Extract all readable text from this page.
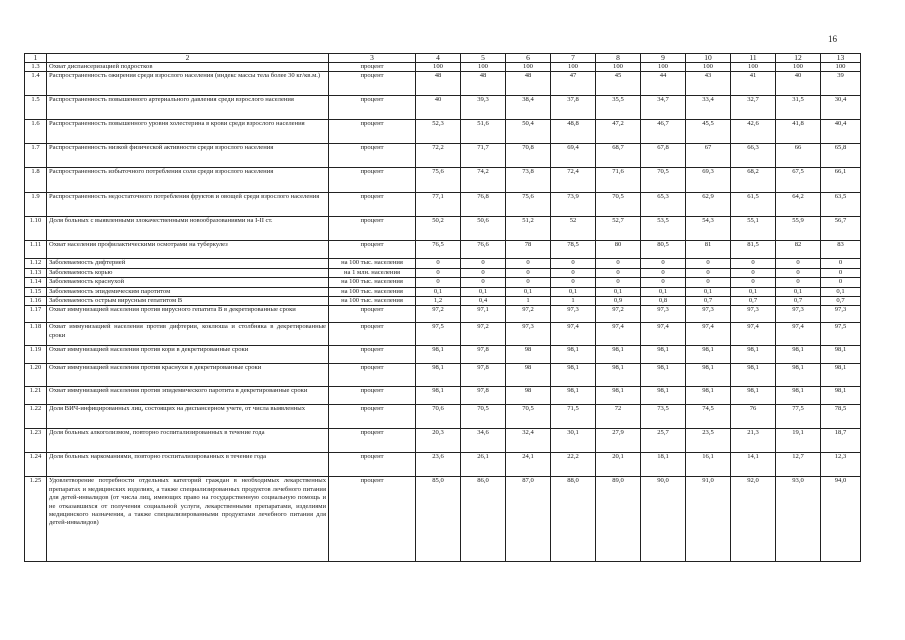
16
1	2	3	4	5	6	7	8	9	10	11	12	13
1.3	Охват диспансеризацией подростков	процент	100	100	100	100	100	100	100	100	100	100
1.4	Распространенность ожирения среди взрослого населения (индекс массы тела более 30 кг/кв.м.)	процент	48	48	48	47	45	44	43	41	40	39
1.5	Распространенность повышенного артериального давления среди взрослого населения	процент	40	39,3	38,4	37,8	35,5	34,7	33,4	32,7	31,5	30,4
1.6	Распространенность повышенного уровня холестерина в крови среди взрослого населения	процент	52,3	51,6	50,4	48,8	47,2	46,7	45,5	42,6	41,8	40,4
1.7	Распространенность низкой физической активности среди взрослого населения	процент	72,2	71,7	70,8	69,4	68,7	67,8	67	66,3	66	65,8
1.8	Распространенность избыточного потребления соли среди взрослого населения	процент	75,6	74,2	73,8	72,4	71,6	70,5	69,3	68,2	67,5	66,1
1.9	Распространенность недостаточного потребления фруктов и овощей среди взрослого населения	процент	77,1	76,8	75,6	73,9	70,5	65,3	62,9	61,5	64,2	63,5
1.10	Доля больных с выявленными злокачественными новообразованиями на I-II ст.	процент	50,2	50,6	51,2	52	52,7	53,5	54,3	55,1	55,9	56,7
1.11	Охват населения профилактическими осмотрами на туберкулез	процент	76,5	76,6	78	78,5	80	80,5	81	81,5	82	83
1.12	Заболеваемость дифтерией	на 100 тыс. населения	0	0	0	0	0	0	0	0	0	0
1.13	Заболеваемость корью	на 1 млн. населения	0	0	0	0	0	0	0	0	0	0
1.14	Заболеваемость краснухой	на 100 тыс. населения	0	0	0	0	0	0	0	0	0	0
1.15	Заболеваемость эпидемическим паротитом	на 100 тыс. населения	0,1	0,1	0,1	0,1	0,1	0,1	0,1	0,1	0,1	0,1
1.16	Заболеваемость острым вирусным гепатитом В	на 100 тыс. населения	1,2	0,4	1	1	0,9	0,8	0,7	0,7	0,7	0,7
1.17	Охват иммунизацией населения против вирусного гепатита В в декретированные сроки	процент	97,2	97,1	97,2	97,3	97,2	97,3	97,3	97,3	97,3	97,3
1.18	Охват иммунизацией населения против дифтерии, коклюша и столбняка в декретированные сроки	процент	97,5	97,2	97,3	97,4	97,4	97,4	97,4	97,4	97,4	97,5
1.19	Охват иммунизацией населения против кори в декретированные сроки	процент	98,1	97,8	98	98,1	98,1	98,1	98,1	98,1	98,1	98,1
1.20	Охват иммунизацией населения против краснухи в декретированные сроки	процент	98,1	97,8	98	98,1	98,1	98,1	98,1	98,1	98,1	98,1
1.21	Охват иммунизацией населения против эпидемического паротита в декретированные сроки	процент	98,1	97,8	98	98,1	98,1	98,1	98,1	98,1	98,1	98,1
1.22	Доля ВИЧ-инфицированных лиц, состоящих на диспансерном учете, от числа выявленных	процент	70,6	70,5	70,5	71,5	72	73,5	74,5	76	77,5	78,5
1.23	Доля больных алкоголизмом, повторно госпитализированных в течение года	процент	20,3	34,6	32,4	30,1	27,9	25,7	23,5	21,3	19,1	18,7
1.24	Доля больных наркоманиями, повторно госпитализированных в течение года	процент	23,6	26,1	24,1	22,2	20,1	18,1	16,1	14,1	12,7	12,3
1.25	Удовлетворение потребности отдельных категорий граждан в необходимых лекарственных препаратах и медицинских изделиях, а также специализированных продуктов лечебного питания для детей-инвалидов (от числа лиц, имеющих право на государственную социальную помощь и не отказавшихся от получения социальной услуги, лекарственными препаратами, изделиями медицинского назначения, а также специализированными продуктами лечебного питания для детей-инвалидов)	процент	85,0	86,0	87,0	88,0	89,0	90,0	91,0	92,0	93,0	94,0
